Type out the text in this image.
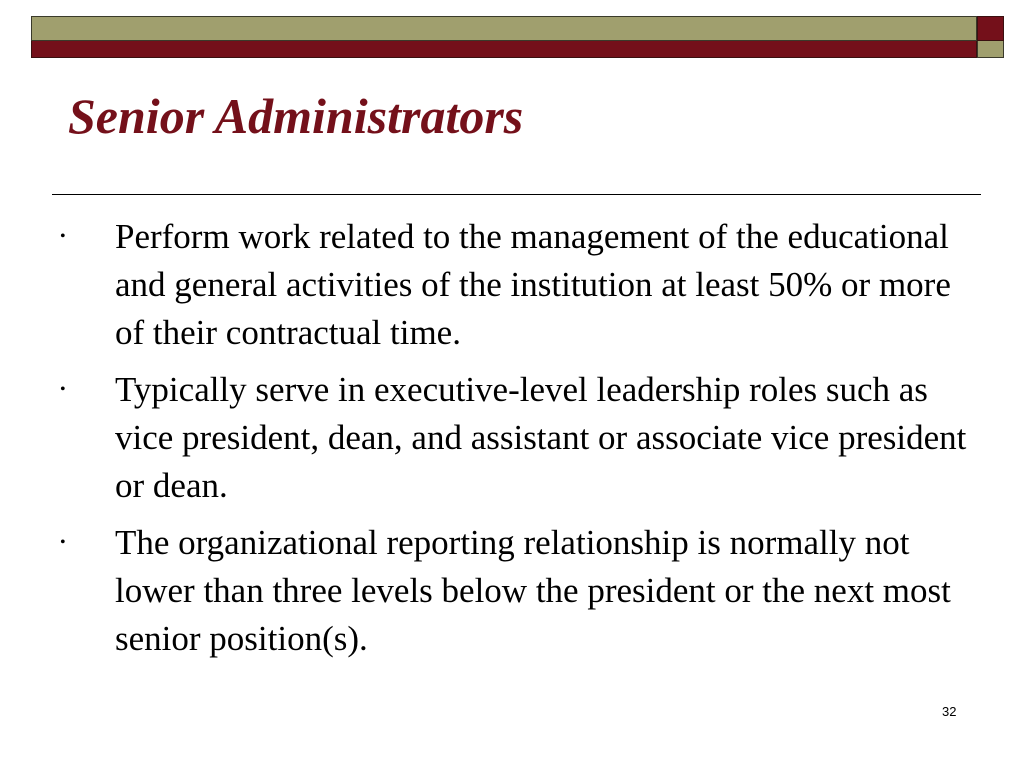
Senior Administrators
• Perform work related to the management of the educational and general activities of the institution at least 50% or more of their contractual time.
• Typically serve in executive-level leadership roles such as vice president, dean, and assistant or associate vice president or dean.
• The organizational reporting relationship is normally not lower than three levels below the president or the next most senior position(s).
32
